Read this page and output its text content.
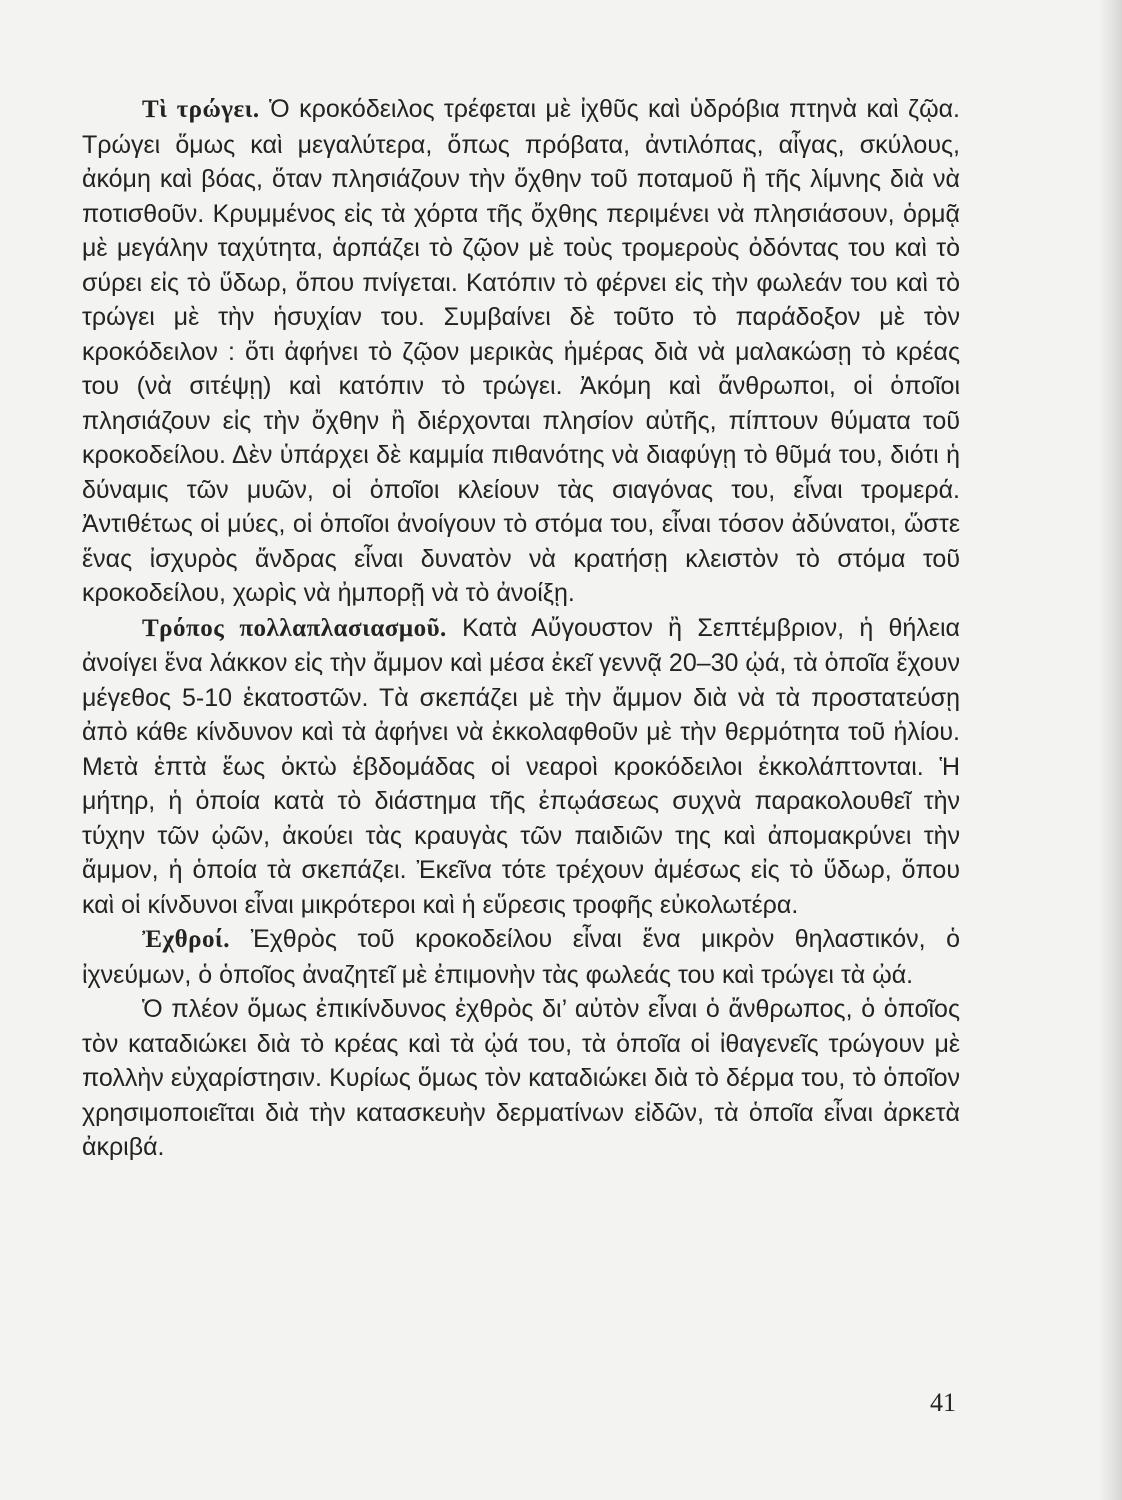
Τὶ τρώγει. Ὁ κροκόδειλος τρέφεται μὲ ἰχθῦς καὶ ὑδρόβια πτηνὰ καὶ ζῷα. Τρώγει ὅμως καὶ μεγαλύτερα, ὅπως πρόβατα, ἀντιλόπας, αἶγας, σκύλους, ἀκόμη καὶ βόας, ὅταν πλησιάζουν τὴν ὄχθην τοῦ ποταμοῦ ἢ τῆς λίμνης διὰ νὰ ποτισθοῦν. Κρυμμένος εἰς τὰ χόρτα τῆς ὄχθης περιμένει νὰ πλησιάσουν, ὁρμᾷ μὲ μεγάλην ταχύτητα, ἁρπάζει τὸ ζῷον μὲ τοὺς τρομεροὺς ὀδόντας του καὶ τὸ σύρει εἰς τὸ ὕδωρ, ὅπου πνίγεται. Κατόπιν τὸ φέρνει εἰς τὴν φωλεάν του καὶ τὸ τρώγει μὲ τὴν ἡσυχίαν του. Συμβαίνει δὲ τοῦτο τὸ παράδοξον μὲ τὸν κροκόδειλον : ὅτι ἀφήνει τὸ ζῷον μερικὰς ἡμέρας διὰ νὰ μαλακώσῃ τὸ κρέας του (νὰ σιτέψῃ) καὶ κατόπιν τὸ τρώγει. Ἀκόμη καὶ ἄνθρωποι, οἱ ὁποῖοι πλησιάζουν εἰς τὴν ὄχθην ἢ διέρχονται πλησίον αὐτῆς, πίπτουν θύματα τοῦ κροκοδείλου. Δὲν ὑπάρχει δὲ καμμία πιθανότης νὰ διαφύγῃ τὸ θῦμά του, διότι ἡ δύναμις τῶν μυῶν, οἱ ὁποῖοι κλείουν τὰς σιαγόνας του, εἶναι τρομερά. Ἀντιθέτως οἱ μύες, οἱ ὁποῖοι ἀνοίγουν τὸ στόμα του, εἶναι τόσον ἀδύνατοι, ὥστε ἕνας ἰσχυρὸς ἄνδρας εἶναι δυνατὸν νὰ κρατήσῃ κλειστὸν τὸ στόμα τοῦ κροκοδείλου, χωρὶς νὰ ἠμπορῇ νὰ τὸ ἀνοίξῃ.

Τρόπος πολλαπλασιασμοῦ. Κατὰ Αὔγουστον ἢ Σεπτέμβριον, ἡ θήλεια ἀνοίγει ἕνα λάκκον εἰς τὴν ἄμμον καὶ μέσα ἐκεῖ γεννᾷ 20–30 ᾠά, τὰ ὁποῖα ἔχουν μέγεθος 5-10 ἑκατοστῶν. Τὰ σκεπάζει μὲ τὴν ἄμμον διὰ νὰ τὰ προστατεύσῃ ἀπὸ κάθε κίνδυνον καὶ τὰ ἀφήνει νὰ ἐκκολαφθοῦν μὲ τὴν θερμότητα τοῦ ἡλίου. Μετὰ ἑπτὰ ἕως ὀκτὼ ἑβδομάδας οἱ νεαροὶ κροκόδειλοι ἐκκολάπτονται. Ἡ μήτηρ, ἡ ὁποία κατὰ τὸ διάστημα τῆς ἐπῳάσεως συχνὰ παρακολουθεῖ τὴν τύχην τῶν ᾠῶν, ἀκούει τὰς κραυγὰς τῶν παιδιῶν της καὶ ἀπομακρύνει τὴν ἄμμον, ἡ ὁποία τὰ σκεπάζει. Ἐκεῖνα τότε τρέχουν ἀμέσως εἰς τὸ ὕδωρ, ὅπου καὶ οἱ κίνδυνοι εἶναι μικρότεροι καὶ ἡ εὕρεσις τροφῆς εὐκολωτέρα.

Ἐχθροί. Ἐχθρὸς τοῦ κροκοδείλου εἶναι ἕνα μικρὸν θηλαστικόν, ὁ ἰχνεύμων, ὁ ὁποῖος ἀναζητεῖ μὲ ἐπιμονὴν τὰς φωλεάς του καὶ τρώγει τὰ ᾠά.

Ὁ πλέον ὅμως ἐπικίνδυνος ἐχθρὸς δι’ αὐτὸν εἶναι ὁ ἄνθρωπος, ὁ ὁποῖος τὸν καταδιώκει διὰ τὸ κρέας καὶ τὰ ᾠά του, τὰ ὁποῖα οἱ ἰθαγενεῖς τρώγουν μὲ πολλὴν εὐχαρίστησιν. Κυρίως ὅμως τὸν καταδιώκει διὰ τὸ δέρμα του, τὸ ὁποῖον χρησιμοποιεῖται διὰ τὴν κατασκευὴν δερματίνων εἰδῶν, τὰ ὁποῖα εἶναι ἀρκετὰ ἀκριβά.

41
